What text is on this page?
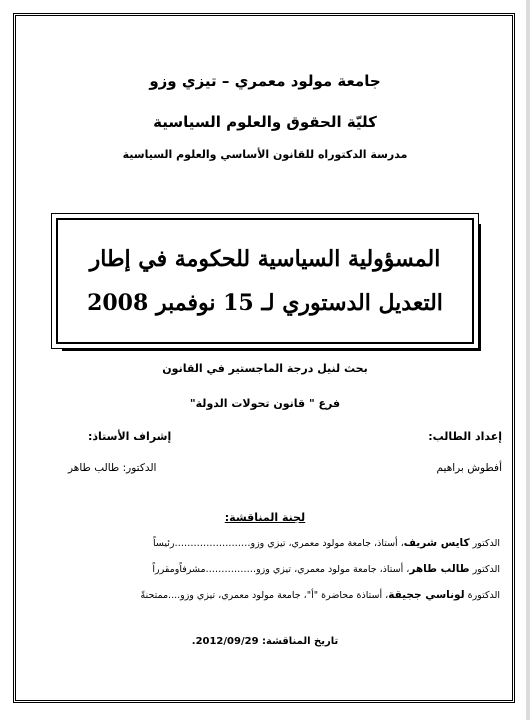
جامعة مولود معمري – تيزي وزو
كليّة الحقوق والعلوم السياسية
مدرسة الدكتوراه للقانون الأساسي والعلوم السياسية
المسؤولية السياسية للحكومة في إطار
التعديل الدستوري لـ 15 نوفمبر 2008
بحث لنيل درجة الماجستير في القانون
فرع " قانون تحولات الدولة"
إعداد الطالب:
إشراف الأستاذ:
أفطوش براهيم
الدكتور: طالب طاهر
لجنة المناقشة:
الدكتور كايس شريف، أستاذ، جامعة مولود معمري، تيزي وزو……………………رئيساً
الدكتور طالب طاهر، أستاذ، جامعة مولود معمري، تيزي وزو…………….مشرفاًومقرراً
الدكتورة لوناسي ججيقة، أستاذة محاضرة "أ"، جامعة مولود معمري، تيزي وزو....ممتحنةً
تاريخ المناقشة: 2012/09/29.
